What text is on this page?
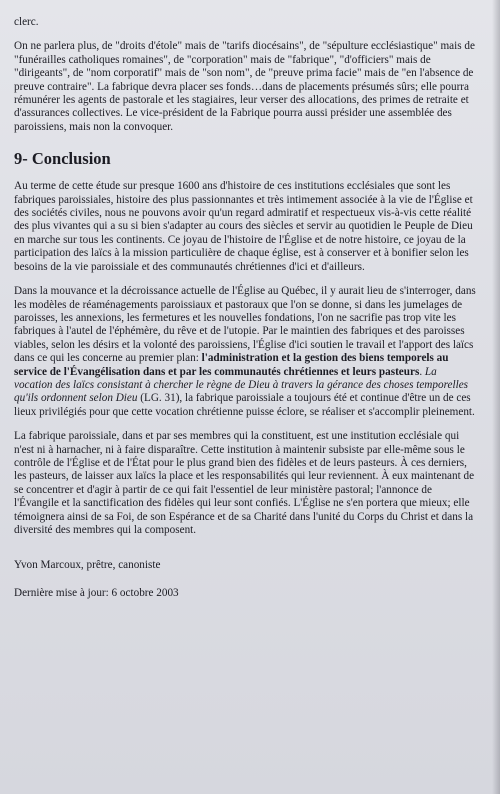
clerc.

On ne parlera plus, de "droits d'étole" mais de "tarifs diocésains", de "sépulture ecclésiastique" mais de "funérailles catholiques romaines", de "corporation" mais de "fabrique", "d'officiers" mais de "dirigeants", de "nom corporatif" mais de "son nom", de "preuve prima facie" mais de "en l'absence de preuve contraire". La fabrique devra placer ses fonds…dans de placements présumés sûrs; elle pourra rémunérer les agents de pastorale et les stagiaires, leur verser des allocations, des primes de retraite et d'assurances collectives. Le vice-président de la Fabrique pourra aussi présider une assemblée des paroissiens, mais non la convoquer.

9- Conclusion

Au terme de cette étude sur presque 1600 ans d'histoire de ces institutions ecclésiales que sont les fabriques paroissiales, histoire des plus passionnantes et très intimement associée à la vie de l'Église et des sociétés civiles, nous ne pouvons avoir qu'un regard admiratif et respectueux vis-à-vis cette réalité des plus vivantes qui a su si bien s'adapter au cours des siècles et servir au quotidien le Peuple de Dieu en marche sur tous les continents. Ce joyau de l'histoire de l'Église et de notre histoire, ce joyau de la participation des laïcs à la mission particulière de chaque église, est à conserver et à bonifier selon les besoins de la vie paroissiale et des communautés chrétiennes d'ici et d'ailleurs.

Dans la mouvance et la décroissance actuelle de l'Église au Québec, il y aurait lieu de s'interroger, dans les modèles de réaménagements paroissiaux et pastoraux que l'on se donne, si dans les jumelages de paroisses, les annexions, les fermetures et les nouvelles fondations, l'on ne sacrifie pas trop vite les fabriques à l'autel de l'éphémère, du rêve et de l'utopie. Par le maintien des fabriques et des paroisses viables, selon les désirs et la volonté des paroissiens, l'Église d'ici soutien le travail et l'apport des laïcs dans ce qui les concerne au premier plan: l'administration et la gestion des biens temporels au service de l'Évangélisation dans et par les communautés chrétiennes et leurs pasteurs. La vocation des laïcs consistant à chercher le règne de Dieu à travers la gérance des choses temporelles qu'ils ordonnent selon Dieu (LG. 31), la fabrique paroissiale a toujours été et continue d'être un de ces lieux privilégiés pour que cette vocation chrétienne puisse éclore, se réaliser et s'accomplir pleinement.

La fabrique paroissiale, dans et par ses membres qui la constituent, est une institution ecclésiale qui n'est ni à harnacher, ni à faire disparaître. Cette institution à maintenir subsiste par elle-même sous le contrôle de l'Église et de l'État pour le plus grand bien des fidèles et de leurs pasteurs. À ces derniers, les pasteurs, de laisser aux laïcs la place et les responsabilités qui leur reviennent. À eux maintenant de se concentrer et d'agir à partir de ce qui fait l'essentiel de leur ministère pastoral; l'annonce de l'Évangile et la sanctification des fidèles qui leur sont confiés. L'Église ne s'en portera que mieux; elle témoignera ainsi de sa Foi, de son Espérance et de sa Charité dans l'unité du Corps du Christ et dans la diversité des membres qui la composent.

Yvon Marcoux, prêtre, canoniste

Dernière mise à jour: 6 octobre 2003
